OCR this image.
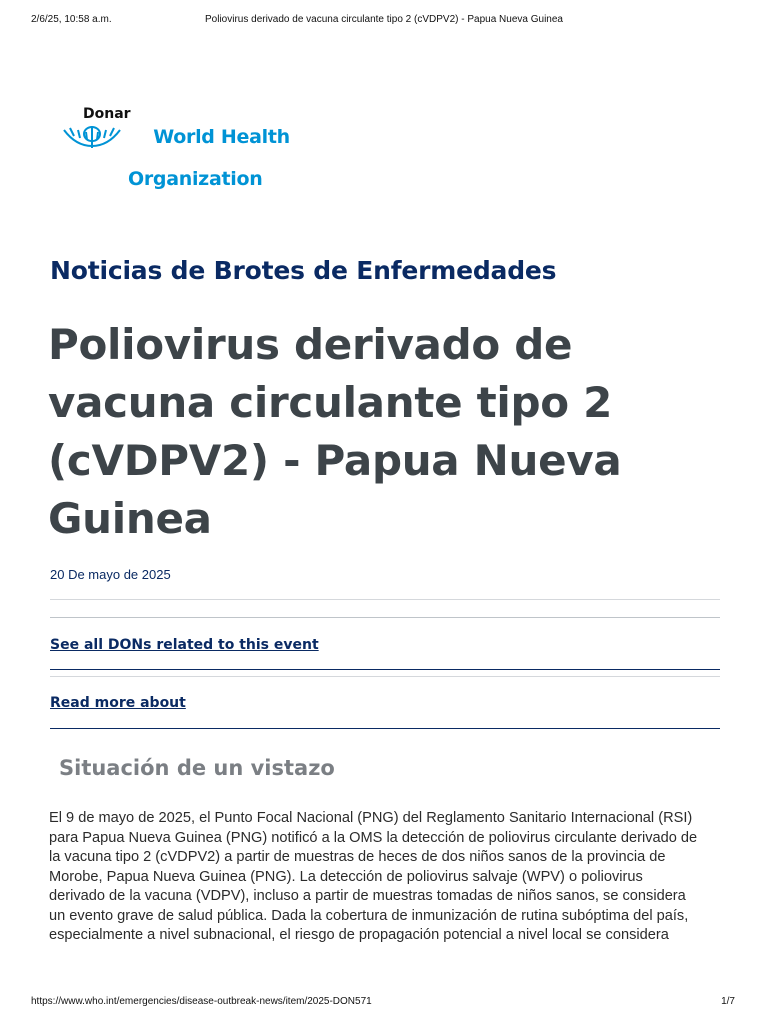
2/6/25, 10:58 a.m.	Poliovirus derivado de vacuna circulante tipo 2 (cVDPV2) - Papua Nueva Guinea

World Health

Organization

Donar
Noticias de Brotes de Enfermedades
Poliovirus derivado de vacuna circulante tipo 2 (cVDPV2) - Papua Nueva Guinea
20 De mayo de 2025
See all DONs related to this event
Read more about
Situación de un vistazo

El 9 de mayo de 2025, el Punto Focal Nacional (PNG) del Reglamento Sanitario Internacional (RSI)
para Papua Nueva Guinea (PNG) notificó a la OMS la detección de poliovirus circulante derivado de
la vacuna tipo 2 (cVDPV2) a partir de muestras de heces de dos niños sanos de la provincia de
Morobe, Papua Nueva Guinea (PNG). La detección de poliovirus salvaje (WPV) o poliovirus
derivado de la vacuna (VDPV), incluso a partir de muestras tomadas de niños sanos, se considera
un evento grave de salud pública. Dada la cobertura de inmunización de rutina subóptima del país,
especialmente a nivel subnacional, el riesgo de propagación potencial a nivel local se considera

https://www.who.int/emergencies/disease-outbreak-news/item/2025-DON571	1/7
